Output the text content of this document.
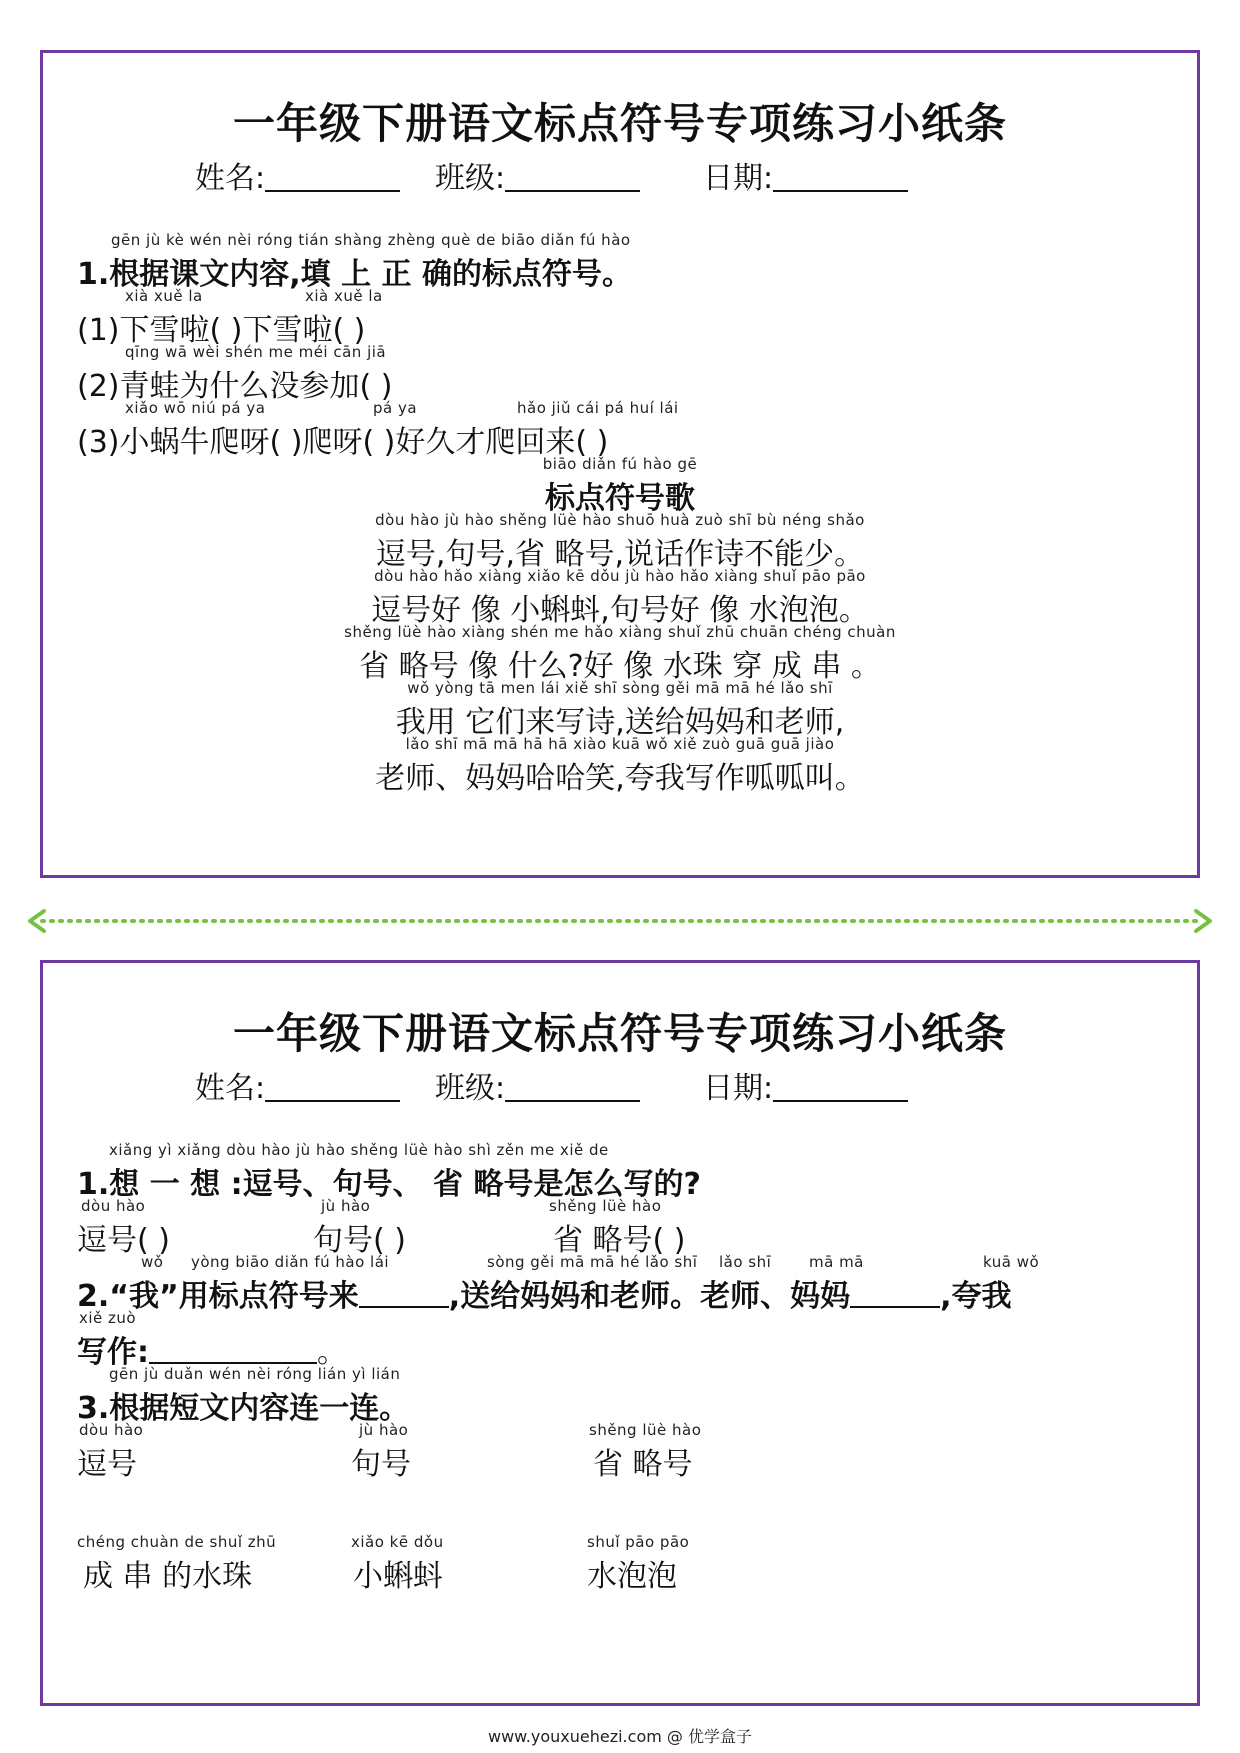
一年级下册语文标点符号专项练习小纸条
姓名:	班级:	日期:
gēn jù kè wén nèi róng tián shàng zhèng què de biāo diǎn fú hào
1.根据课文内容,填 上 正 确的标点符号。
xià xuě la	xià xuě la
(1)下雪啦( )下雪啦( )
qīng wā wèi shén me méi cān jiā
(2)青蛙为什么没参加( )
xiǎo wō niú pá ya	pá ya	hǎo jiǔ cái pá huí lái
(3)小蜗牛爬呀( )爬呀( )好久才爬回来( )
biāo diǎn fú hào gē
标点符号歌
dòu hào jù hào shěng lüè hào shuō huà zuò shī bù néng shǎo
逗号,句号,省 略号,说话作诗不能少。
dòu hào hǎo xiàng xiǎo kē dǒu jù hào hǎo xiàng shuǐ pāo pāo
逗号好 像 小蝌蚪,句号好 像 水泡泡。
shěng lüè hào xiàng shén me hǎo xiàng shuǐ zhū chuān chéng chuàn
省 略号 像 什么?好 像 水珠 穿 成 串 。
wǒ yòng tā men lái xiě shī sòng gěi mā mā hé lǎo shī
我用 它们来写诗,送给妈妈和老师,
lǎo shī mā mā hā hā xiào kuā wǒ xiě zuò guā guā jiào
老师、妈妈哈哈笑,夸我写作呱呱叫。
一年级下册语文标点符号专项练习小纸条
姓名:	班级:	日期:
xiǎng yì xiǎng dòu hào jù hào shěng lüè hào shì zěn me xiě de
1.想 一 想 :逗号、句号、 省 略号是怎么写的?
dòu hào
逗号( )
jù hào
句号( )
shěng lüè hào
省 略号( )
wǒ yòng biāo diǎn fú hào lái	sòng gěi mā mā hé lǎo shī lǎo shī	mā mā	kuā wǒ
2.“我”用标点符号来	,送给妈妈和老师。老师、妈妈	,夸我
xiě zuò
写作:	。
gēn jù duǎn wén nèi róng lián yì lián
3.根据短文内容连一连。
dòu hào
逗号
jù hào
句号
shěng lüè hào
省 略号
chéng chuàn de shuǐ zhū
成 串 的水珠
xiǎo kē dǒu
小蝌蚪
shuǐ pāo pāo
水泡泡
www.youxuehezi.com @ 优学盒子
